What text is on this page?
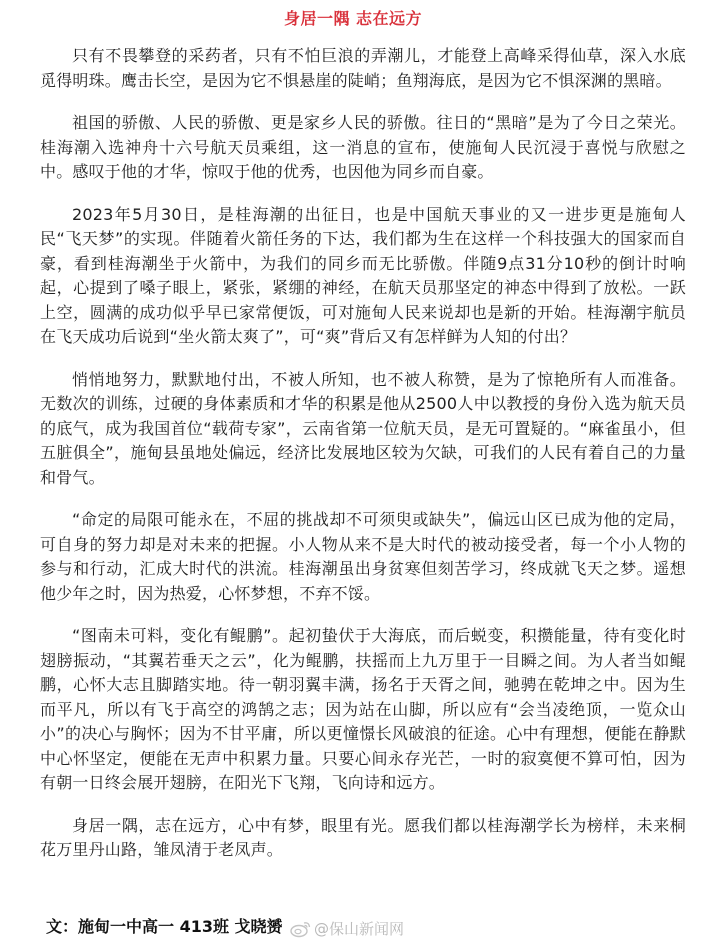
身居一隅 志在远方

只有不畏攀登的采药者，只有不怕巨浪的弄潮儿，才能登上高峰采得仙草，深入水底觅得明珠。鹰击长空，是因为它不惧悬崖的陡峭；鱼翔海底，是因为它不惧深渊的黑暗。

祖国的骄傲、人民的骄傲、更是家乡人民的骄傲。往日的“黑暗”是为了今日之荣光。桂海潮入选神舟十六号航天员乘组，这一消息的宣布，使施甸人民沉浸于喜悦与欣慰之中。感叹于他的才华，惊叹于他的优秀，也因他为同乡而自豪。

2023年5月30日，是桂海潮的出征日，也是中国航天事业的又一进步更是施甸人民“飞天梦”的实现。伴随着火箭任务的下达，我们都为生在这样一个科技强大的国家而自豪，看到桂海潮坐于火箭中，为我们的同乡而无比骄傲。伴随9点31分10秒的倒计时响起，心提到了嗓子眼上，紧张，紧绷的神经，在航天员那坚定的神态中得到了放松。一跃上空，圆满的成功似乎早已家常便饭，可对施甸人民来说却也是新的开始。桂海潮宇航员在飞天成功后说到“坐火箭太爽了”，可“爽”背后又有怎样鲜为人知的付出？

悄悄地努力，默默地付出，不被人所知，也不被人称赞，是为了惊艳所有人而准备。无数次的训练，过硬的身体素质和才华的积累是他从2500人中以教授的身份入选为航天员的底气，成为我国首位“载荷专家”，云南省第一位航天员，是无可置疑的。“麻雀虽小，但五脏俱全”，施甸县虽地处偏远，经济比发展地区较为欠缺，可我们的人民有着自己的力量和骨气。

“命定的局限可能永在，不屈的挑战却不可须臾或缺失”，偏远山区已成为他的定局，可自身的努力却是对未来的把握。小人物从来不是大时代的被动接受者，每一个小人物的参与和行动，汇成大时代的洪流。桂海潮虽出身贫寒但刻苦学习，终成就飞天之梦。遥想他少年之时，因为热爱，心怀梦想，不弃不馁。

“图南未可料，变化有鲲鹏”。起初蛰伏于大海底，而后蜕变，积攒能量，待有变化时翅膀振动，“其翼若垂天之云”，化为鲲鹏，扶摇而上九万里于一目瞬之间。为人者当如鲲鹏，心怀大志且脚踏实地。待一朝羽翼丰满，扬名于天胥之间，驰骋在乾坤之中。因为生而平凡，所以有飞于高空的鸿鹄之志；因为站在山脚，所以应有“会当凌绝顶，一览众山小”的决心与胸怀；因为不甘平庸，所以更憧憬长风破浪的征途。心中有理想，便能在静默中心怀坚定，便能在无声中积累力量。只要心间永存光芒，一时的寂寞便不算可怕，因为有朝一日终会展开翅膀，在阳光下飞翔，飞向诗和远方。

身居一隅，志在远方，心中有梦，眼里有光。愿我们都以桂海潮学长为榜样，未来桐花万里丹山路，雏凤清于老凤声。

文：施甸一中高一 413班 戈晓赟 @保山新闻网
